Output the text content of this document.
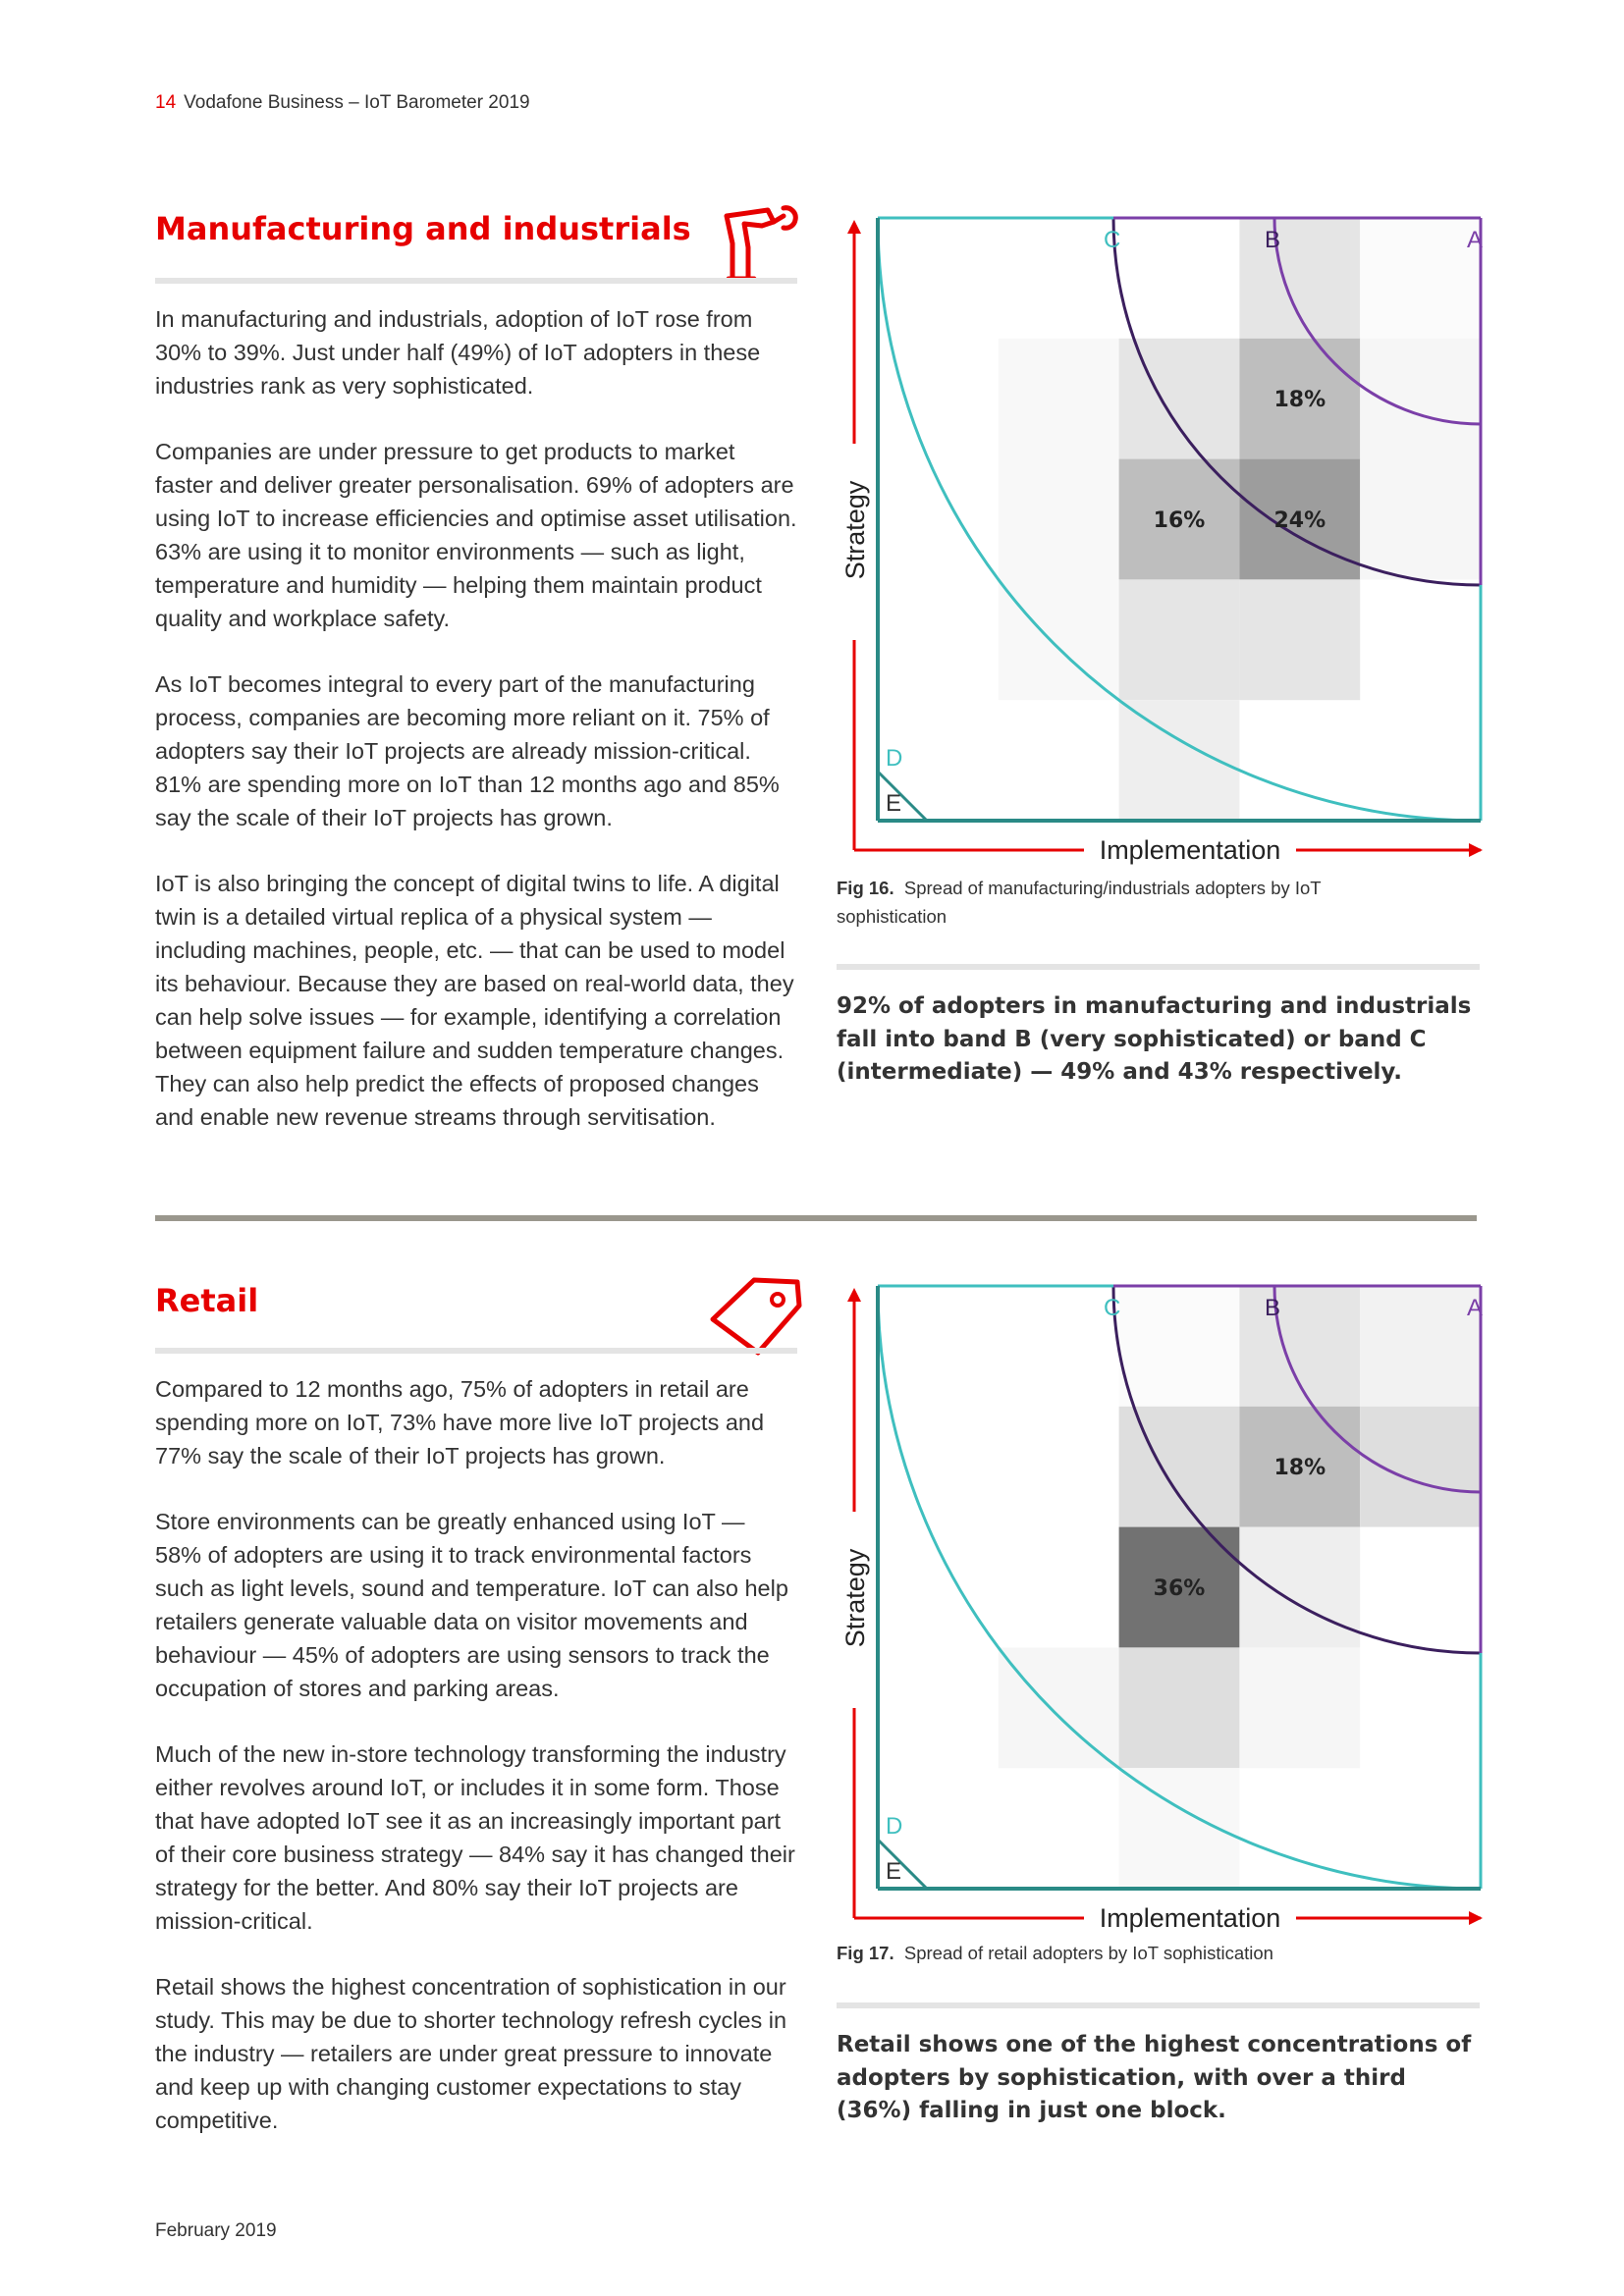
14 Vodafone Business – IoT Barometer 2019
Manufacturing and industrials

In manufacturing and industrials, adoption of IoT rose from 30% to 39%. Just under half (49%) of IoT adopters in these industries rank as very sophisticated.

Companies are under pressure to get products to market faster and deliver greater personalisation. 69% of adopters are using IoT to increase efficiencies and optimise asset utilisation. 63% are using it to monitor environments — such as light, temperature and humidity — helping them maintain product quality and workplace safety.

As IoT becomes integral to every part of the manufacturing process, companies are becoming more reliant on it. 75% of adopters say their IoT projects are already mission-critical. 81% are spending more on IoT than 12 months ago and 85% say the scale of their IoT projects has grown.

IoT is also bringing the concept of digital twins to life. A digital twin is a detailed virtual replica of a physical system — including machines, people, etc. — that can be used to model its behaviour. Because they are based on real-world data, they can help solve issues — for example, identifying a correlation between equipment failure and sudden temperature changes. They can also help predict the effects of proposed changes and enable new revenue streams through servitisation.

C	B	A
D
E
18%
16%	24%
Implementation
Strategy
Fig 16. Spread of manufacturing/industrials adopters by IoT sophistication
92% of adopters in manufacturing and industrials fall into band B (very sophisticated) or band C (intermediate) — 49% and 43% respectively.
Retail

Compared to 12 months ago, 75% of adopters in retail are spending more on IoT, 73% have more live IoT projects and 77% say the scale of their IoT projects has grown.

Store environments can be greatly enhanced using IoT — 58% of adopters are using it to track environmental factors such as light levels, sound and temperature. IoT can also help retailers generate valuable data on visitor movements and behaviour — 45% of adopters are using sensors to track the occupation of stores and parking areas.

Much of the new in-store technology transforming the industry either revolves around IoT, or includes it in some form. Those that have adopted IoT see it as an increasingly important part of their core business strategy — 84% say it has changed their strategy for the better. And 80% say their IoT projects are mission-critical.

Retail shows the highest concentration of sophistication in our study. This may be due to shorter technology refresh cycles in the industry — retailers are under great pressure to innovate and keep up with changing customer expectations to stay competitive.

C	B	A
D
E
18%
36%
Implementation
Strategy
Fig 17. Spread of retail adopters by IoT sophistication
Retail shows one of the highest concentrations of adopters by sophistication, with over a third (36%) falling in just one block.
February 2019
